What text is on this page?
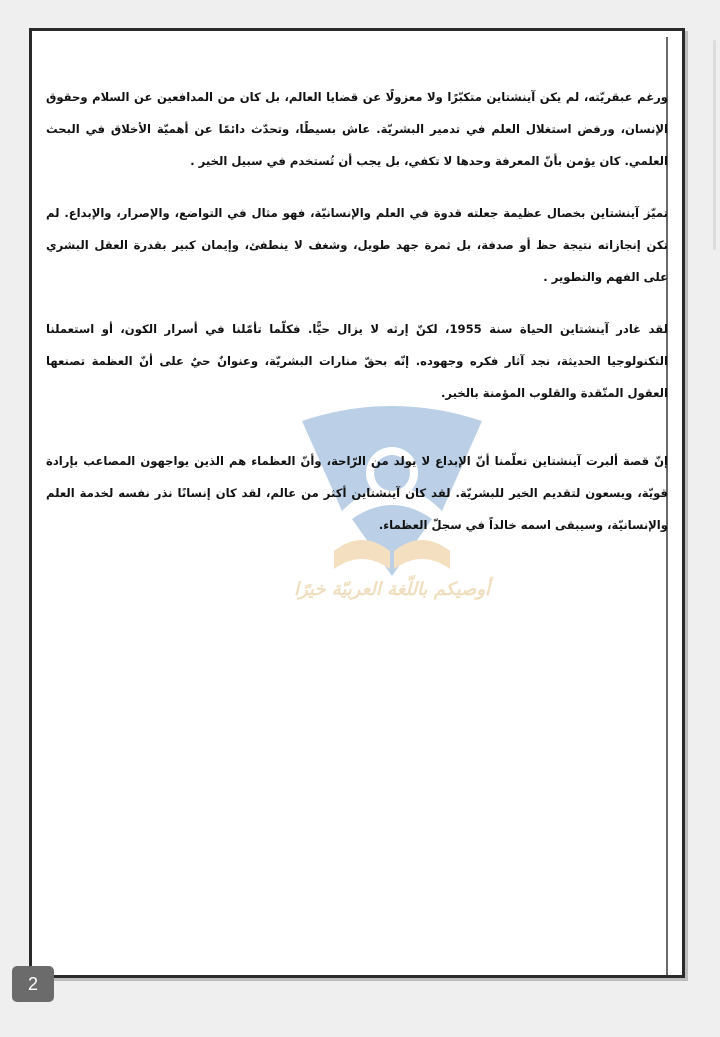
أوصيكم باللّغة العربيّة خيرًا

ورغم عبقريّته، لم يكن آينشتاين متكبّرًا ولا معزولًا عن قضايا العالم، بل كان من المدافعين عن السلام وحقوق الإنسان، ورفض استغلال العلم في تدمير البشريّة. عاش بسيطًا، وتحدّث دائمًا عن أهميّة الأخلاق في البحث العلمي. كان يؤمن بأنّ المعرفة وحدها لا تكفي، بل يجب أن تُستخدم في سبيل الخير .

تميّز آينشتاين بخصال عظيمة جعلته قدوة في العلم والإنسانيّة، فهو مثال في التواضع، والإصرار، والإبداع. لم تكن إنجازاته نتيجة حظ أو صدفة، بل ثمرة جهد طويل، وشغف لا ينطفئ، وإيمان كبير بقدرة العقل البشري على الفهم والتطوير .

لقد غادر آينشتاين الحياة سنة 1955، لكنّ إرثه لا يزال حيًّا. فكلّما تأمّلنا في أسرار الكون، أو استعملنا التكنولوجيا الحديثة، نجد آثار فكره وجهوده. إنّه بحقّ منارات البشريّة، وعنوانٌ حيٌ على أنّ العظمة تصنعها العقول المتّقدة والقلوب المؤمنة بالخير.

إنّ قصة ألبرت آينشتاين تعلّمنا أنّ الإبداع لا يولد من الرّاحة، وأنّ العظماء هم الذين يواجهون المصاعب بإرادة قويّة، ويسعون لتقديم الخير للبشريّة. لقد كان آينشتاين أكثر من عالم، لقد كان إنسانًا نذر نفسه لخدمة العلم والإنسانيّة، وسيبقى اسمه خالداً في سجلّ العظماء.

2
